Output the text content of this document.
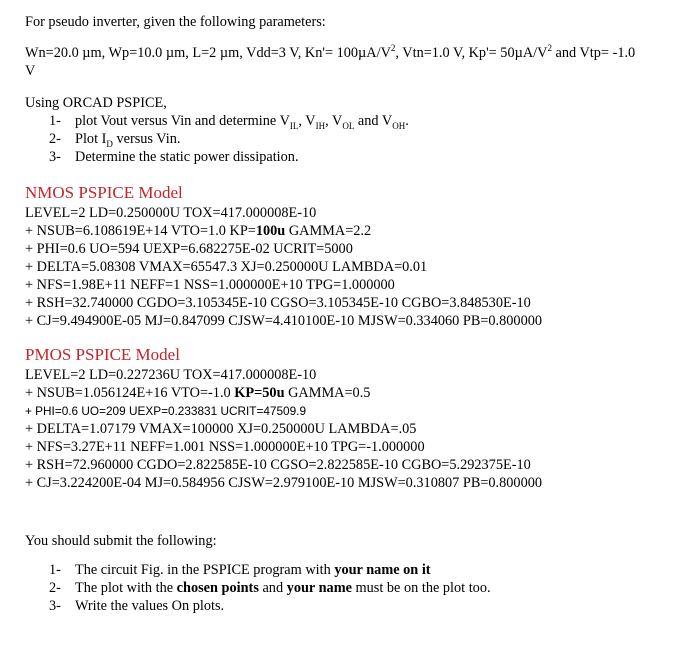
For pseudo inverter, given the following parameters:
Wn=20.0 µm, Wp=10.0 µm, L=2 µm, Vdd=3 V, $Kn'= 100\mu A/V^2$, Vtn=1.0 V, $Kp'= 50\mu A/V^2$ and Vtp= -1.0
V
Using ORCAD PSPICE,
1- plot Vout versus Vin and determine $V_{IL}$, $V_{IH}$, $V_{OL}$ and $V_{OH}$.
2- Plot $I_D$ versus Vin.
3- Determine the static power dissipation.
NMOS PSPICE Model
LEVEL=2 LD=0.250000U TOX=417.000008E-10
+ NSUB=6.108619E+14 VTO=1.0 KP=100u GAMMA=2.2
+ PHI=0.6 UO=594 UEXP=6.682275E-02 UCRIT=5000
+ DELTA=5.08308 VMAX=65547.3 XJ=0.250000U LAMBDA=0.01
+ NFS=1.98E+11 NEFF=1 NSS=1.000000E+10 TPG=1.000000
+ RSH=32.740000 CGDO=3.105345E-10 CGSO=3.105345E-10 CGBO=3.848530E-10
+ CJ=9.494900E-05 MJ=0.847099 CJSW=4.410100E-10 MJSW=0.334060 PB=0.800000
PMOS PSPICE Model
LEVEL=2 LD=0.227236U TOX=417.000008E-10
+ NSUB=1.056124E+16 VTO=-1.0 KP=50u GAMMA=0.5
+ PHI=0.6 UO=209 UEXP=0.233831 UCRIT=47509.9
+ DELTA=1.07179 VMAX=100000 XJ=0.250000U LAMBDA=.05
+ NFS=3.27E+11 NEFF=1.001 NSS=1.000000E+10 TPG=-1.000000
+ RSH=72.960000 CGDO=2.822585E-10 CGSO=2.822585E-10 CGBO=5.292375E-10
+ CJ=3.224200E-04 MJ=0.584956 CJSW=2.979100E-10 MJSW=0.310807 PB=0.800000
You should submit the following:
1- The circuit Fig. in the PSPICE program with your name on it
2- The plot with the chosen points and your name must be on the plot too.
3- Write the values On plots.
